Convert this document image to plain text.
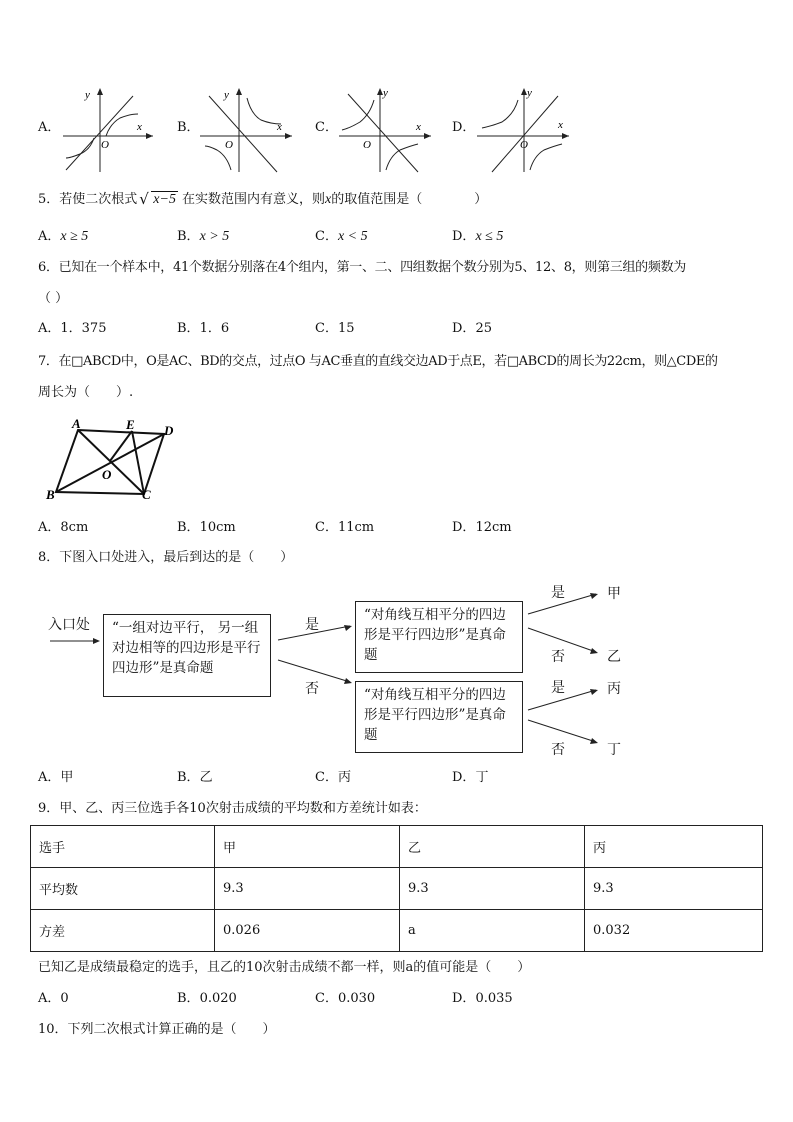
A．
y
x
O
B．
y
x
O
C．
y
x
O
D．
y
x
O
5．若使二次根式 √ x−5 在实数范围内有意义，则x的取值范围是（　　　　）
A．x ≥ 5	B．x > 5	C．x < 5	D．x ≤ 5
6．已知在一个样本中，41个数据分别落在4个组内，第一、二、四组数据个数分别为5、12、8，则第三组的频数为
（ ）
A．1．375	B．1．6	C．15	D．25
7．在□ABCD中，O是AC、BD的交点，过点O 与AC垂直的直线交边AD于点E，若□ABCD的周长为22cm，则△CDE的
周长为（　　）.
A	E D
O
B	C
A．8cm	B．10cm	C．11cm	D．12cm
8．下图入口处进入，最后到达的是（　　）
入口处	“一组对边平行， 另一组对边相等的四边形是平行四边形”是真命题
是
否
“对角线互相平分的四边形是平行四边形”是真命题
“对角线互相平分的四边形是平行四边形”是真命题
是
否
是
否
甲
乙
丙
丁
A．甲	B．乙	C．丙	D．丁
9．甲、乙、丙三位选手各10次射击成绩的平均数和方差统计如表：
选手	甲	乙	丙
平均数	9.3	9.3	9.3
方差	0.026	a	0.032
已知乙是成绩最稳定的选手，且乙的10次射击成绩不都一样，则a的值可能是（　　）
A．0	B．0.020	C．0.030	D．0.035
10．下列二次根式计算正确的是（　　）
